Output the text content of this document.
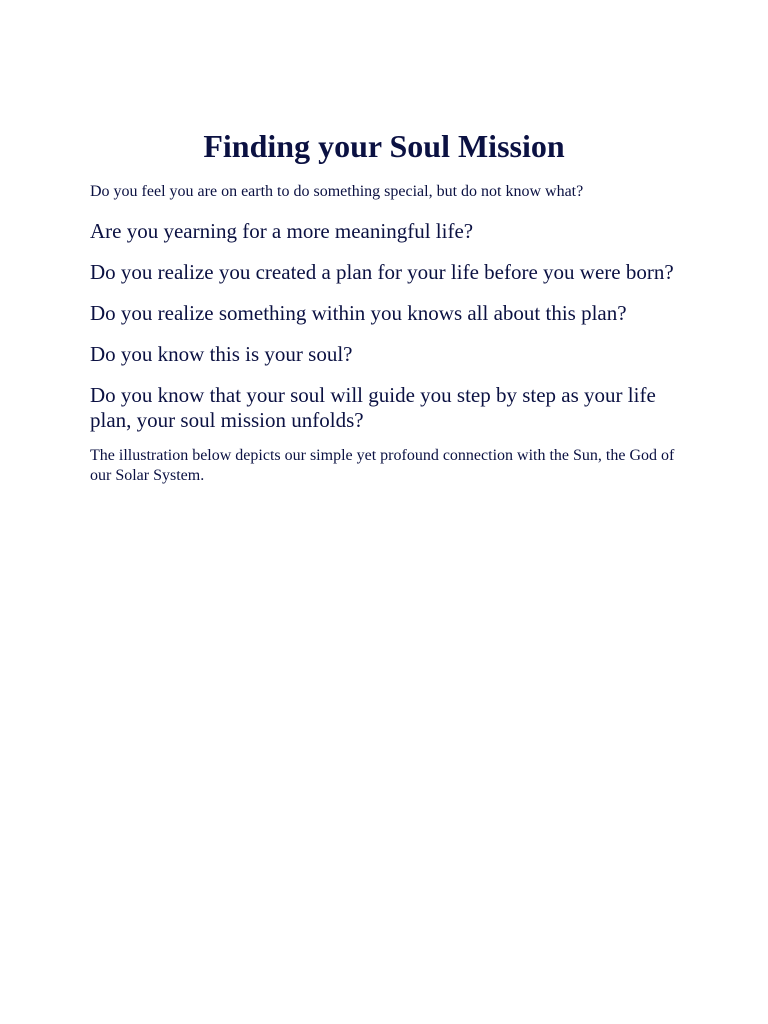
Finding your Soul Mission

Do you feel you are on earth to do something special, but do not know what?

Are you yearning for a more meaningful life?

Do you realize you created a plan for your life before you were born?

Do you realize something within you knows all about this plan?

Do you know this is your soul?

Do you know that your soul will guide you step by step as your life plan, your soul mission unfolds?

The illustration below depicts our simple yet profound connection with the Sun, the God of our Solar System.
